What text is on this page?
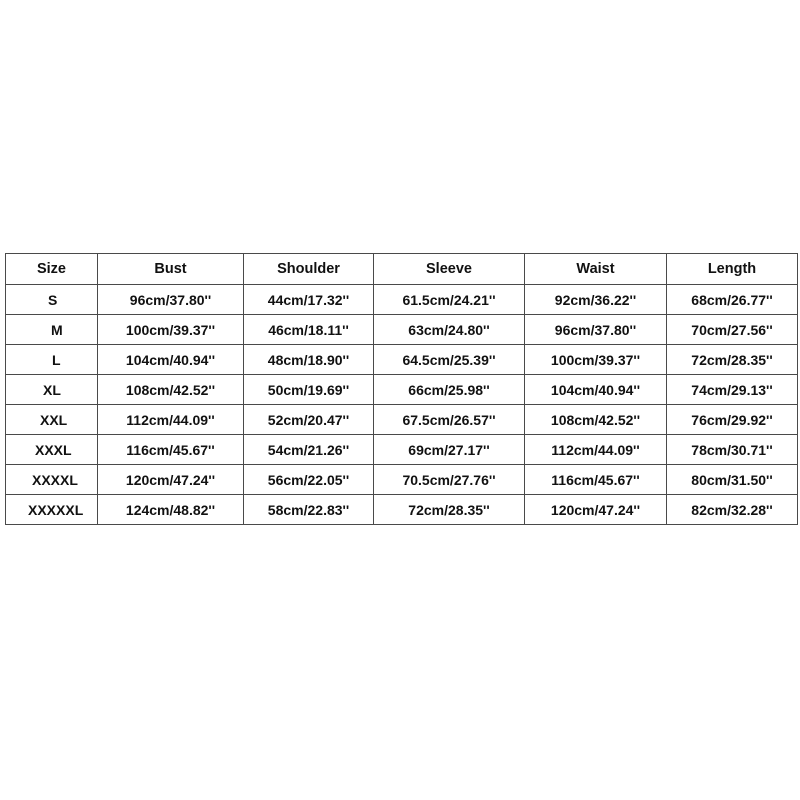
Size	Bust	Shoulder	Sleeve	Waist	Length

S	96cm/37.80''	44cm/17.32''	61.5cm/24.21''	92cm/36.22''	68cm/26.77''

M	100cm/39.37''	46cm/18.11''	63cm/24.80''	96cm/37.80''	70cm/27.56''

L	104cm/40.94''	48cm/18.90''	64.5cm/25.39''	100cm/39.37''	72cm/28.35''

XL	108cm/42.52''	50cm/19.69''	66cm/25.98''	104cm/40.94''	74cm/29.13''

XXL	112cm/44.09''	52cm/20.47''	67.5cm/26.57''	108cm/42.52''	76cm/29.92''

XXXL	116cm/45.67''	54cm/21.26''	69cm/27.17''	112cm/44.09''	78cm/30.71''

XXXXL	120cm/47.24''	56cm/22.05''	70.5cm/27.76''	116cm/45.67''	80cm/31.50''

XXXXXL	124cm/48.82''	58cm/22.83''	72cm/28.35''	120cm/47.24''	82cm/32.28''
